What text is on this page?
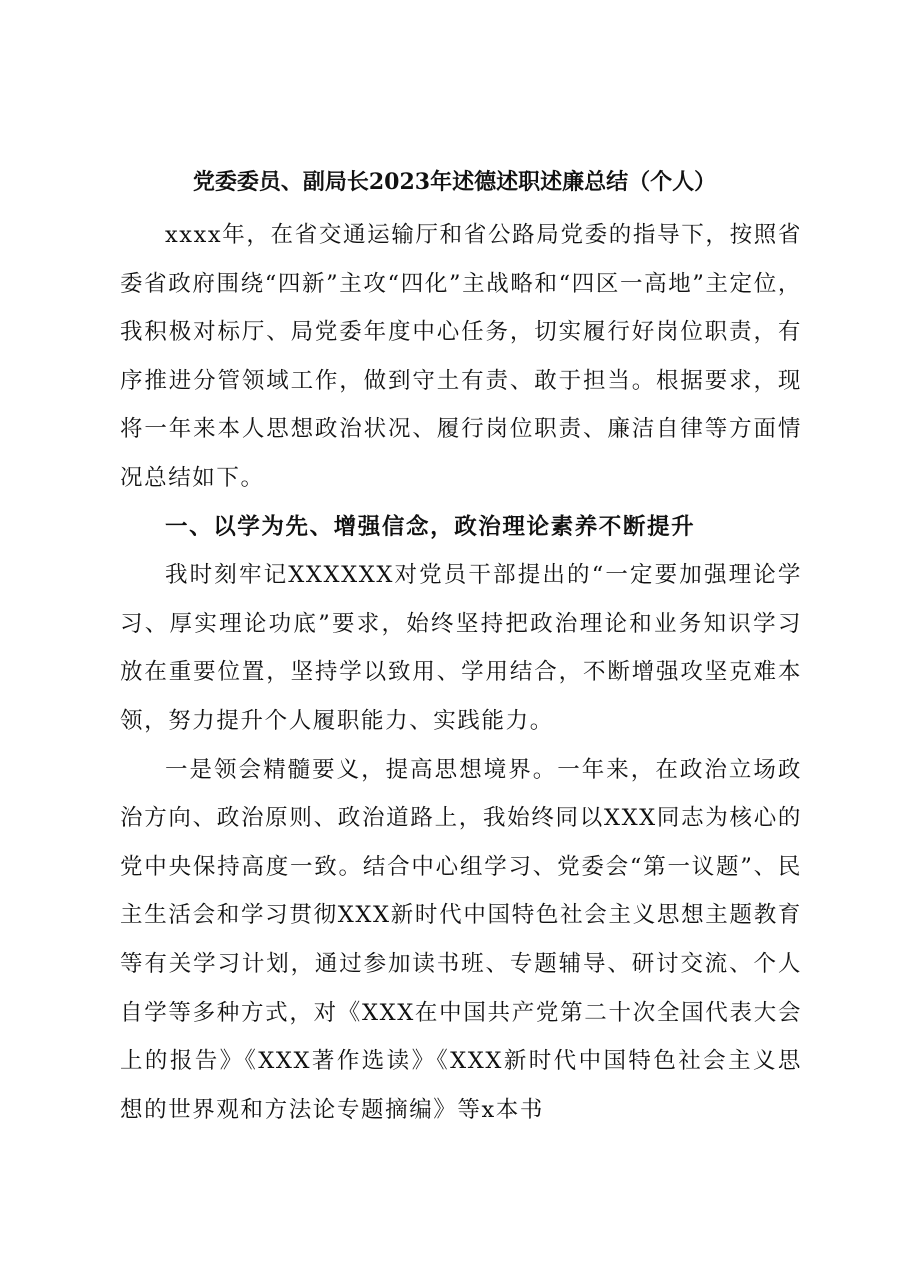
党委委员、副局长2023年述德述职述廉总结（个人）

xxxx年，在省交通运输厅和省公路局党委的指导下，按照省委省政府围绕“四新”主攻“四化”主战略和“四区一高地”主定位，我积极对标厅、局党委年度中心任务，切实履行好岗位职责，有序推进分管领域工作，做到守土有责、敢于担当。根据要求，现将一年来本人思想政治状况、履行岗位职责、廉洁自律等方面情况总结如下。

一、以学为先、增强信念，政治理论素养不断提升

我时刻牢记XXXXXX对党员干部提出的“一定要加强理论学习、厚实理论功底”要求，始终坚持把政治理论和业务知识学习放在重要位置，坚持学以致用、学用结合，不断增强攻坚克难本领，努力提升个人履职能力、实践能力。

一是领会精髓要义，提高思想境界。一年来，在政治立场政治方向、政治原则、政治道路上，我始终同以XXX同志为核心的党中央保持高度一致。结合中心组学习、党委会“第一议题”、民主生活会和学习贯彻XXX新时代中国特色社会主义思想主题教育等有关学习计划，通过参加读书班、专题辅导、研讨交流、个人自学等多种方式，对《XXX在中国共产党第二十次全国代表大会上的报告》《XXX著作选读》《XXX新时代中国特色社会主义思想的世界观和方法论专题摘编》等x本书
